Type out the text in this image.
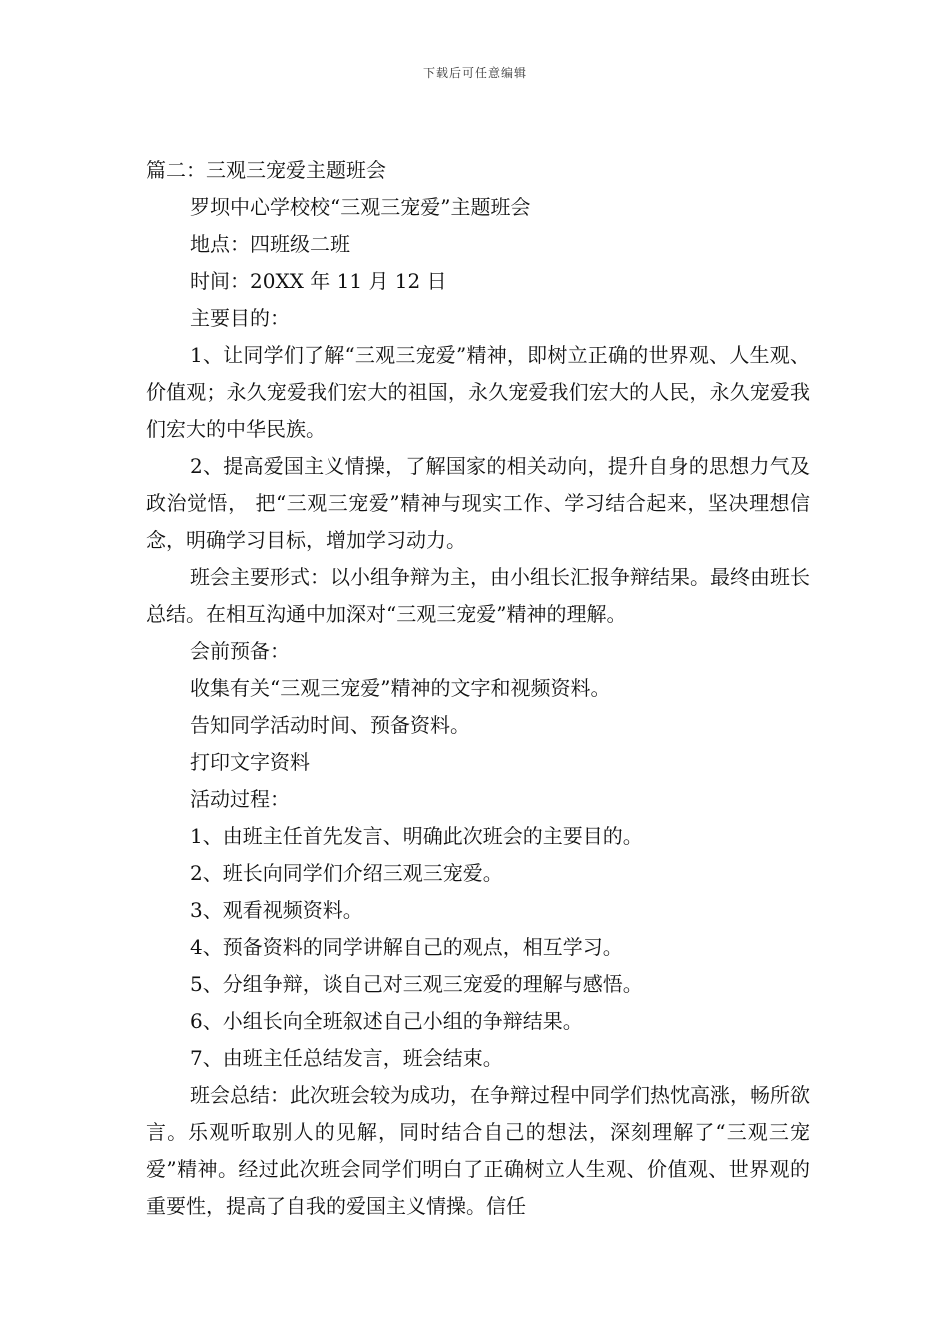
下载后可任意编辑

篇二：三观三宠爱主题班会

罗坝中心学校校“三观三宠爱”主题班会

地点：四班级二班

时间：20XX 年 11 月 12 日

主要目的：

1、让同学们了解“三观三宠爱”精神，即树立正确的世界观、人生观、价值观；永久宠爱我们宏大的祖国，永久宠爱我们宏大的人民，永久宠爱我们宏大的中华民族。

2、提高爱国主义情操，了解国家的相关动向，提升自身的思想力气及政治觉悟， 把“三观三宠爱”精神与现实工作、学习结合起来，坚决理想信念，明确学习目标，增加学习动力。

班会主要形式：以小组争辩为主，由小组长汇报争辩结果。最终由班长总结。在相互沟通中加深对“三观三宠爱”精神的理解。

会前预备：

收集有关“三观三宠爱”精神的文字和视频资料。

告知同学活动时间、预备资料。

打印文字资料

活动过程：

1、由班主任首先发言、明确此次班会的主要目的。

2、班长向同学们介绍三观三宠爱。

3、观看视频资料。

4、预备资料的同学讲解自己的观点，相互学习。

5、分组争辩，谈自己对三观三宠爱的理解与感悟。

6、小组长向全班叙述自己小组的争辩结果。

7、由班主任总结发言，班会结束。

班会总结：此次班会较为成功，在争辩过程中同学们热忱高涨，畅所欲言。乐观听取别人的见解，同时结合自己的想法，深刻理解了“三观三宠爱”精神。经过此次班会同学们明白了正确树立人生观、价值观、世界观的重要性，提高了自我的爱国主义情操。信任
